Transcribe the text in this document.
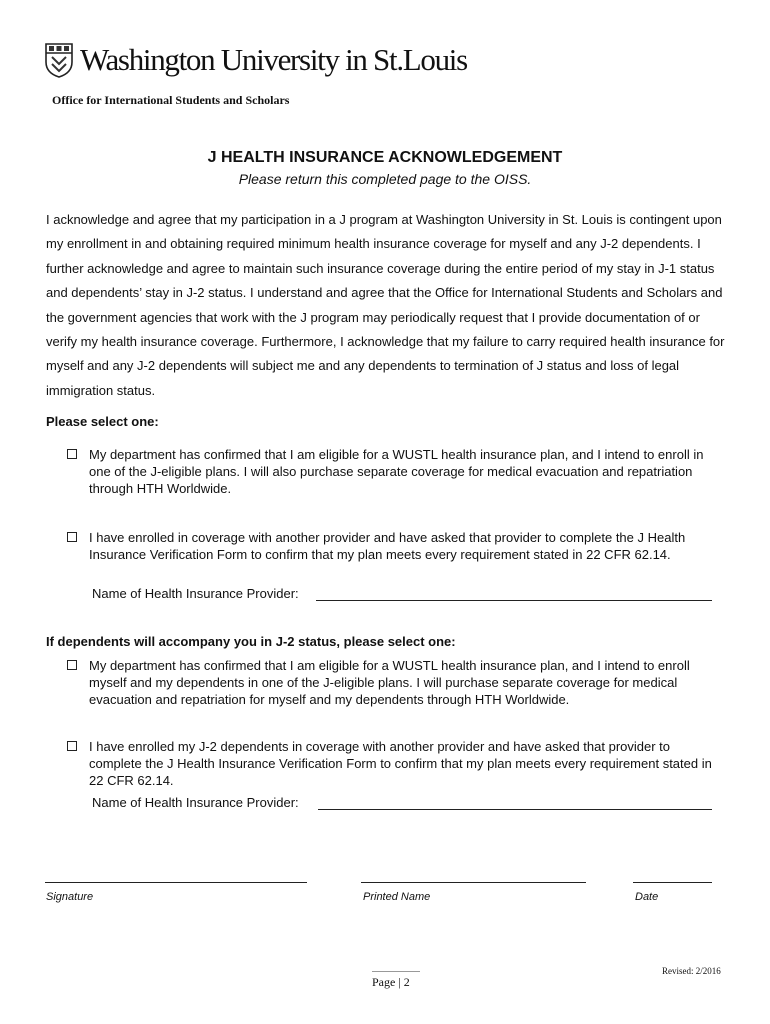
Washington University in St.Louis
Office for International Students and Scholars
J HEALTH INSURANCE ACKNOWLEDGEMENT
Please return this completed page to the OISS.

I acknowledge and agree that my participation in a J program at Washington University in St. Louis is contingent upon my enrollment in and obtaining required minimum health insurance coverage for myself and any J-2 dependents. I further acknowledge and agree to maintain such insurance coverage during the entire period of my stay in J-1 status and dependents’ stay in J-2 status. I understand and agree that the Office for International Students and Scholars and the government agencies that work with the J program may periodically request that I provide documentation of or verify my health insurance coverage. Furthermore, I acknowledge that my failure to carry required health insurance for myself and any J-2 dependents will subject me and any dependents to termination of J status and loss of legal immigration status.

Please select one:
My department has confirmed that I am eligible for a WUSTL health insurance plan, and I intend to enroll in one of the J-eligible plans. I will also purchase separate coverage for medical evacuation and repatriation through HTH Worldwide.
I have enrolled in coverage with another provider and have asked that provider to complete the J Health Insurance Verification Form to confirm that my plan meets every requirement stated in 22 CFR 62.14.
Name of Health Insurance Provider:
If dependents will accompany you in J-2 status, please select one:
My department has confirmed that I am eligible for a WUSTL health insurance plan, and I intend to enroll myself and my dependents in one of the J-eligible plans. I will purchase separate coverage for medical evacuation and repatriation for myself and my dependents through HTH Worldwide.
I have enrolled my J-2 dependents in coverage with another provider and have asked that provider to complete the J Health Insurance Verification Form to confirm that my plan meets every requirement stated in 22 CFR 62.14.
Name of Health Insurance Provider:
Signature	Printed Name	Date
Revised: 2/2016
Page | 2
